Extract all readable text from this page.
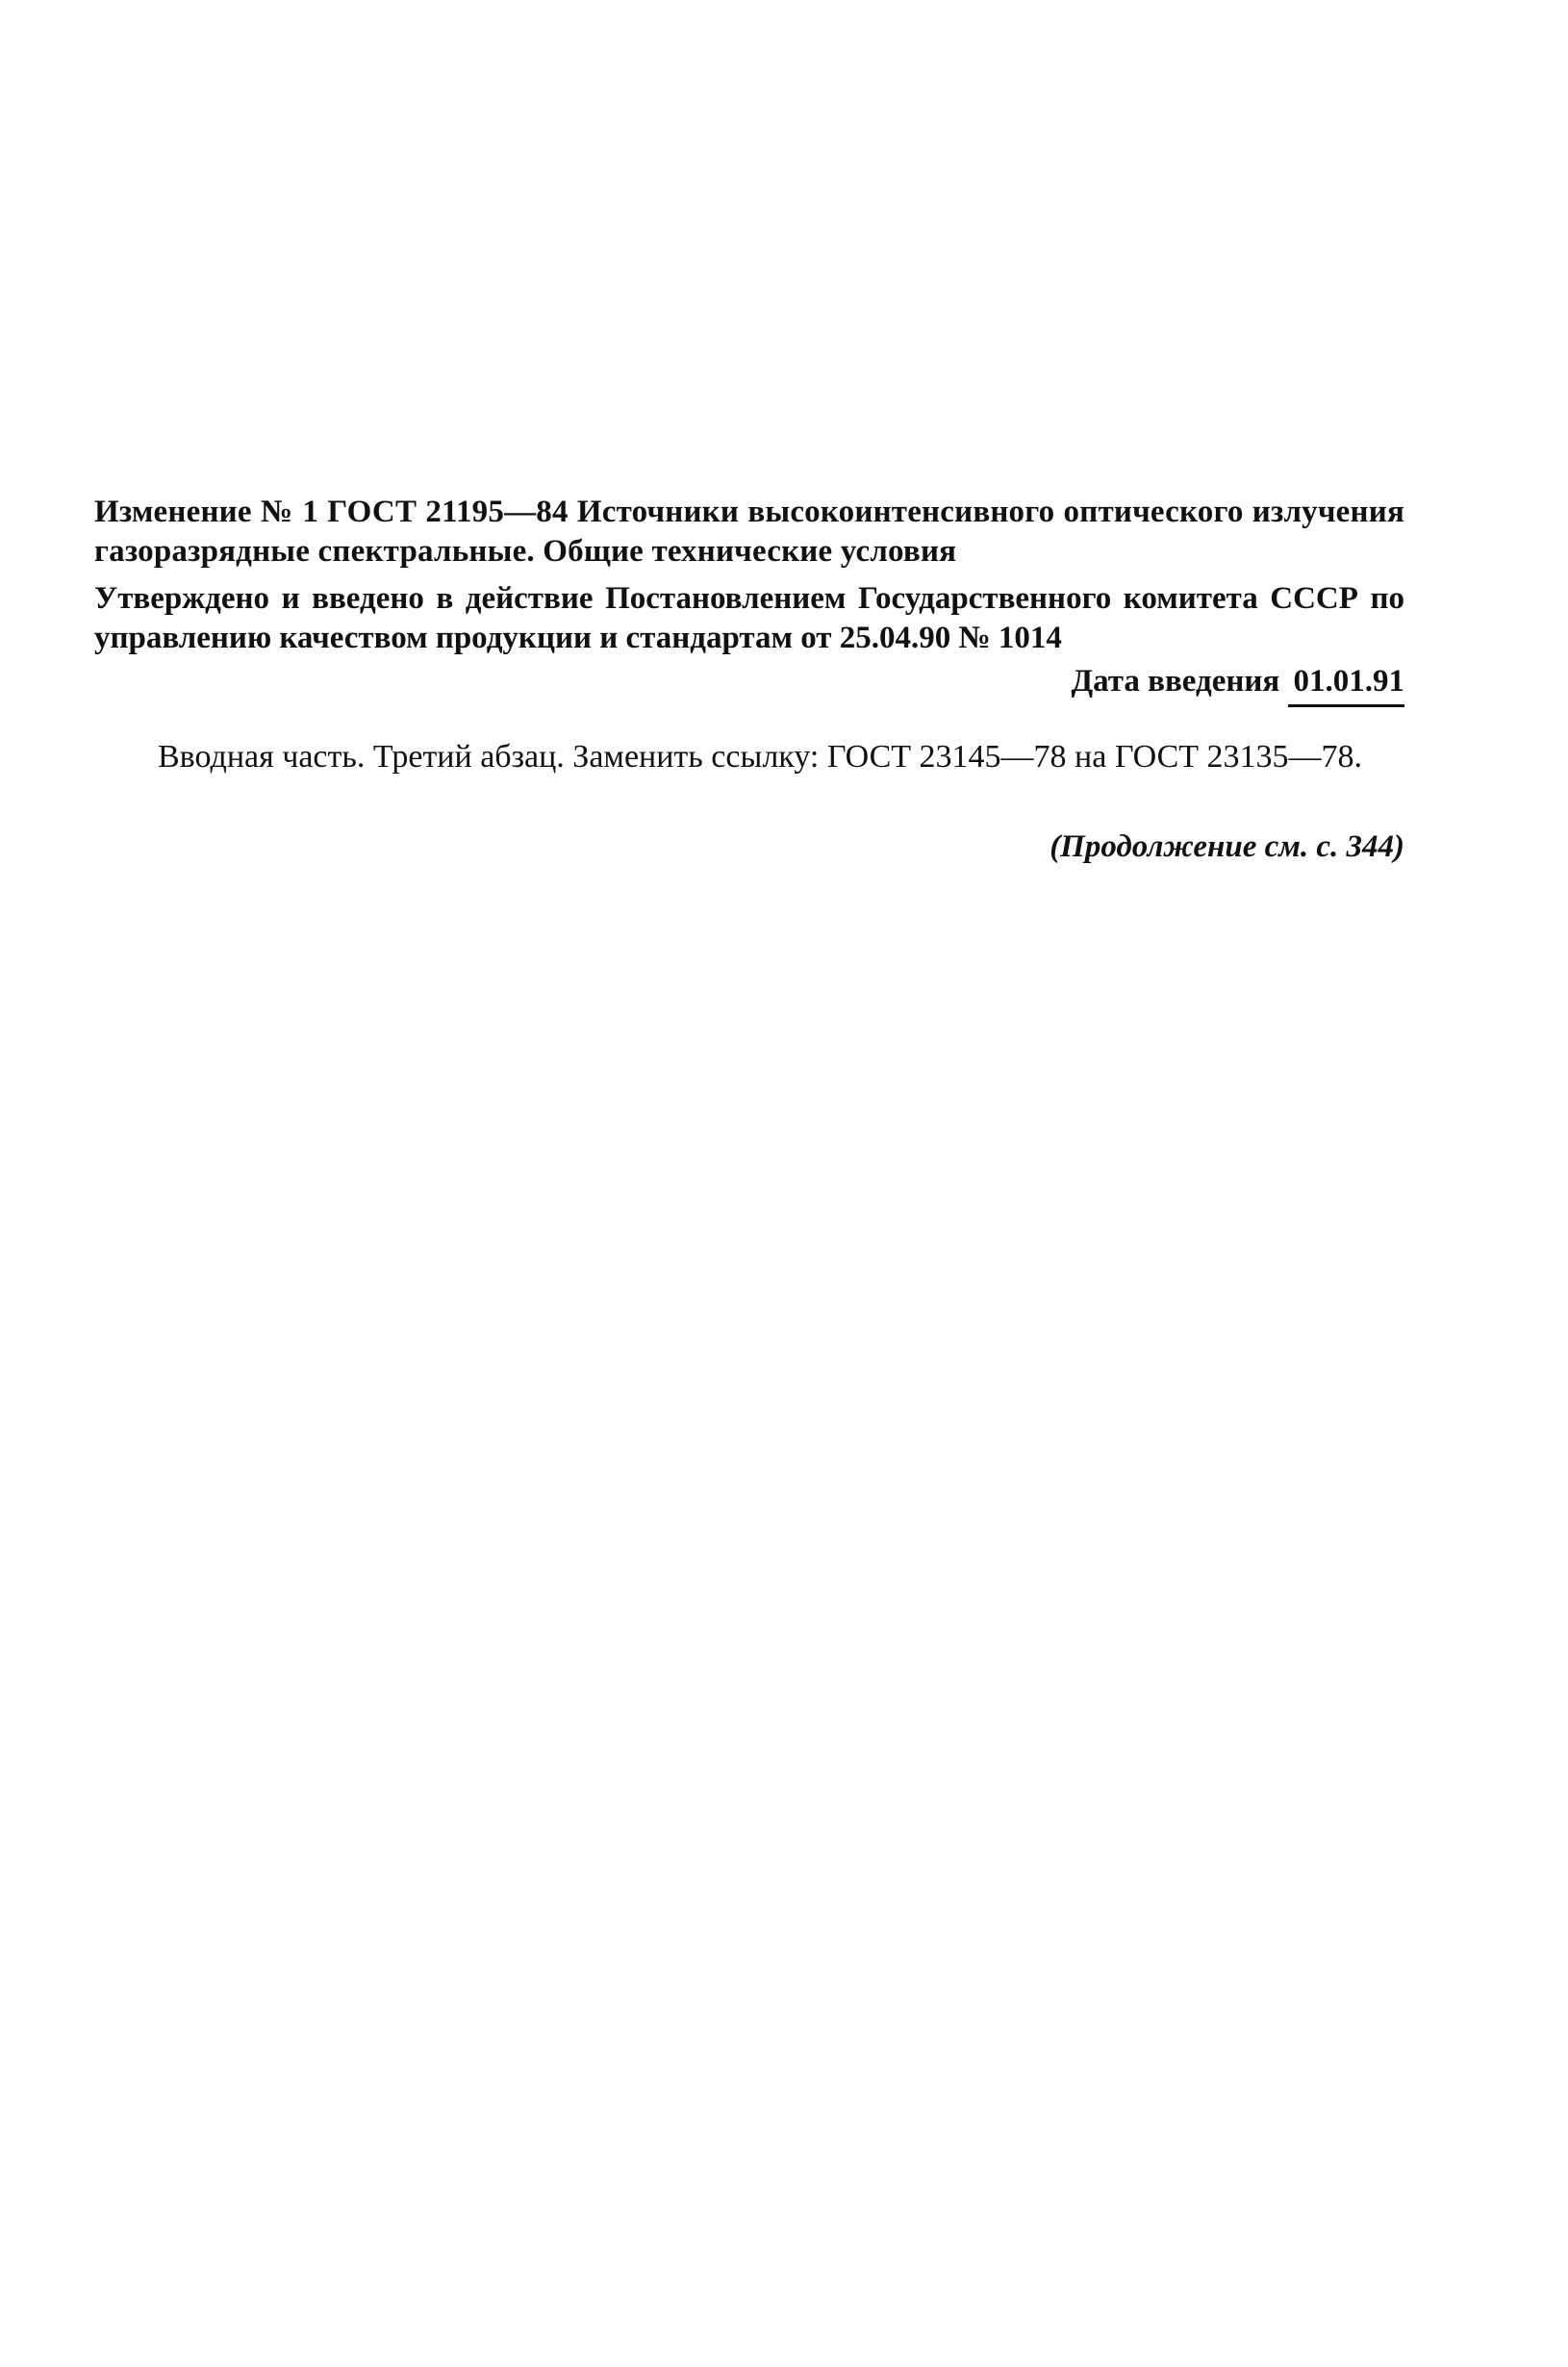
Изменение № 1 ГОСТ 21195—84 Источники высокоинтенсивного оптического излучения газоразрядные спектральные. Общие технические условия
Утверждено и введено в действие Постановлением Государственного комитета СССР по управлению качеством продукции и стандартам от 25.04.90 № 1014
Дата введения 01.01.91
Вводная часть. Третий абзац. Заменить ссылку: ГОСТ 23145—78 на ГОСТ 23135—78.
(Продолжение см. с. 344)
